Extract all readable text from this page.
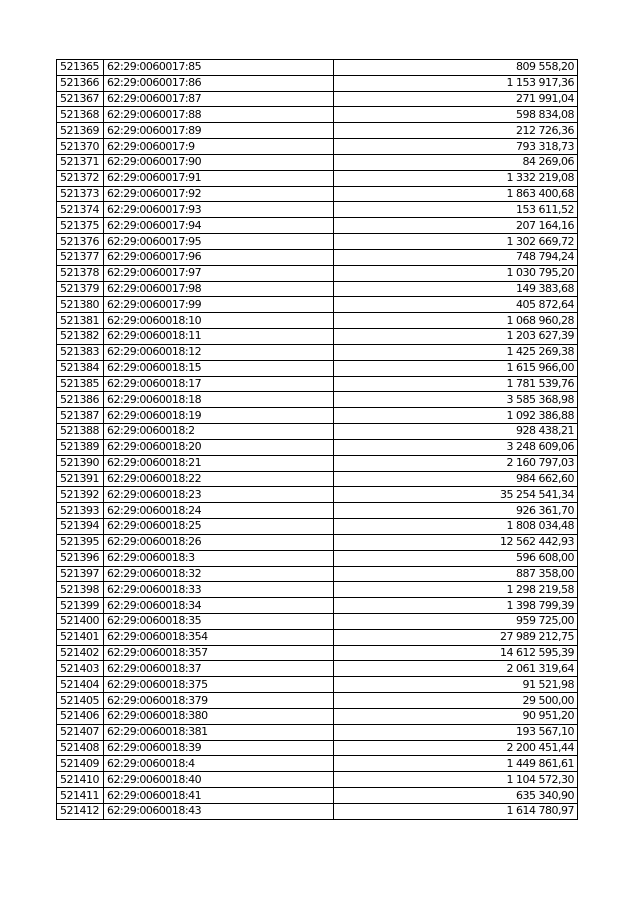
521365	62:29:0060017:85	809 558,20
521366	62:29:0060017:86	1 153 917,36
521367	62:29:0060017:87	271 991,04
521368	62:29:0060017:88	598 834,08
521369	62:29:0060017:89	212 726,36
521370	62:29:0060017:9	793 318,73
521371	62:29:0060017:90	84 269,06
521372	62:29:0060017:91	1 332 219,08
521373	62:29:0060017:92	1 863 400,68
521374	62:29:0060017:93	153 611,52
521375	62:29:0060017:94	207 164,16
521376	62:29:0060017:95	1 302 669,72
521377	62:29:0060017:96	748 794,24
521378	62:29:0060017:97	1 030 795,20
521379	62:29:0060017:98	149 383,68
521380	62:29:0060017:99	405 872,64
521381	62:29:0060018:10	1 068 960,28
521382	62:29:0060018:11	1 203 627,39
521383	62:29:0060018:12	1 425 269,38
521384	62:29:0060018:15	1 615 966,00
521385	62:29:0060018:17	1 781 539,76
521386	62:29:0060018:18	3 585 368,98
521387	62:29:0060018:19	1 092 386,88
521388	62:29:0060018:2	928 438,21
521389	62:29:0060018:20	3 248 609,06
521390	62:29:0060018:21	2 160 797,03
521391	62:29:0060018:22	984 662,60
521392	62:29:0060018:23	35 254 541,34
521393	62:29:0060018:24	926 361,70
521394	62:29:0060018:25	1 808 034,48
521395	62:29:0060018:26	12 562 442,93
521396	62:29:0060018:3	596 608,00
521397	62:29:0060018:32	887 358,00
521398	62:29:0060018:33	1 298 219,58
521399	62:29:0060018:34	1 398 799,39
521400	62:29:0060018:35	959 725,00
521401	62:29:0060018:354	27 989 212,75
521402	62:29:0060018:357	14 612 595,39
521403	62:29:0060018:37	2 061 319,64
521404	62:29:0060018:375	91 521,98
521405	62:29:0060018:379	29 500,00
521406	62:29:0060018:380	90 951,20
521407	62:29:0060018:381	193 567,10
521408	62:29:0060018:39	2 200 451,44
521409	62:29:0060018:4	1 449 861,61
521410	62:29:0060018:40	1 104 572,30
521411	62:29:0060018:41	635 340,90
521412	62:29:0060018:43	1 614 780,97
